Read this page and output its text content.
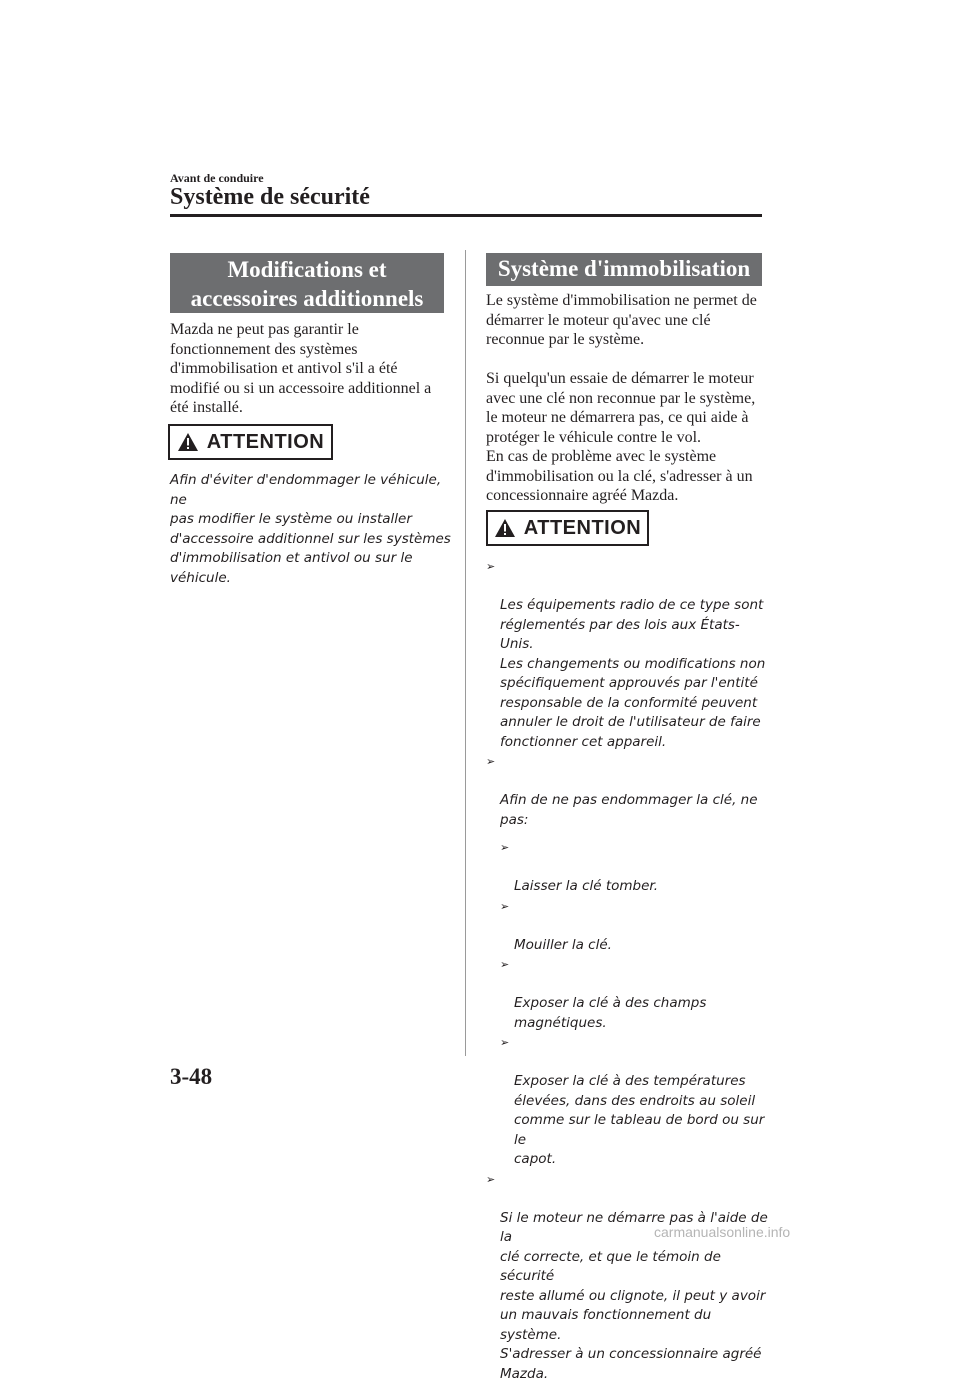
Avant de conduire
Système de sécurité
Modifications et
accessoires additionnels
Mazda ne peut pas garantir le
fonctionnement des systèmes
d'immobilisation et antivol s'il a été
modifié ou si un accessoire additionnel a
été installé.
ATTENTION
Afin d'éviter d'endommager le véhicule, ne
pas modifier le système ou installer
d'accessoire additionnel sur les systèmes
d'immobilisation et antivol ou sur le
véhicule.
Système d'immobilisation
Le système d'immobilisation ne permet de
démarrer le moteur qu'avec une clé
reconnue par le système.
Si quelqu'un essaie de démarrer le moteur
avec une clé non reconnue par le système,
le moteur ne démarrera pas, ce qui aide à
protéger le véhicule contre le vol.
En cas de problème avec le système
d'immobilisation ou la clé, s'adresser à un
concessionnaire agréé Mazda.
ATTENTION

➢

Les équipements radio de ce type sont
réglementés par des lois aux États-Unis.
Les changements ou modifications non
spécifiquement approuvés par l'entité
responsable de la conformité peuvent
annuler le droit de l'utilisateur de faire
fonctionner cet appareil.

➢

Afin de ne pas endommager la clé, ne
pas:

➢

Laisser la clé tomber.

➢

Mouiller la clé.

➢

Exposer la clé à des champs
magnétiques.

➢

Exposer la clé à des températures
élevées, dans des endroits au soleil
comme sur le tableau de bord ou sur le
capot.

➢

Si le moteur ne démarre pas à l'aide de la
clé correcte, et que le témoin de sécurité
reste allumé ou clignote, il peut y avoir
un mauvais fonctionnement du système.
S'adresser à un concessionnaire agréé
Mazda.

3-48
carmanualsonline.info
